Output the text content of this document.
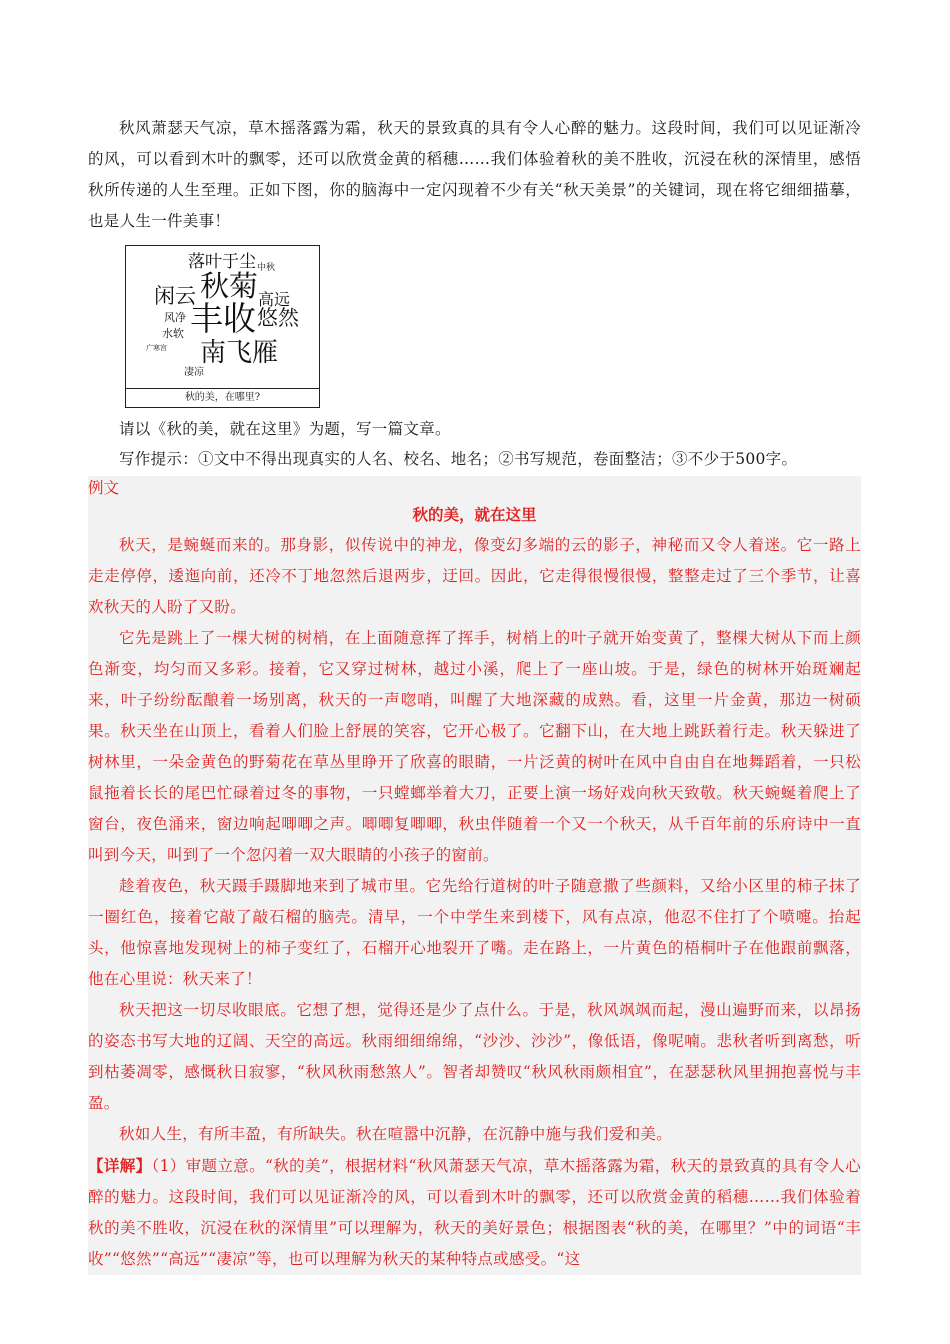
秋风萧瑟天气凉，草木摇落露为霜，秋天的景致真的具有令人心醉的魅力。这段时间，我们可以见证渐冷的风，可以看到木叶的飘零，还可以欣赏金黄的稻穗……我们体验着秋的美不胜收，沉浸在秋的深情里，感悟秋所传递的人生至理。正如下图，你的脑海中一定闪现着不少有关“秋天美景”的关键词，现在将它细细描摹，也是人生一件美事！

落叶于尘 中秋
闲云 秋菊 高远
风净 丰收 悠然
水软
广寒宫 南飞雁
凄凉
秋的美，在哪里?

请以《秋的美，就在这里》为题，写一篇文章。

写作提示：①文中不得出现真实的人名、校名、地名；②书写规范，卷面整洁；③不少于500字。

例文

秋的美，就在这里

秋天，是蜿蜒而来的。那身影，似传说中的神龙，像变幻多端的云的影子，神秘而又令人着迷。它一路上走走停停，逶迤向前，还冷不丁地忽然后退两步，迂回。因此，它走得很慢很慢，整整走过了三个季节，让喜欢秋天的人盼了又盼。

它先是跳上了一棵大树的树梢，在上面随意挥了挥手，树梢上的叶子就开始变黄了，整棵大树从下而上颜色渐变，均匀而又多彩。接着，它又穿过树林，越过小溪，爬上了一座山坡。于是，绿色的树林开始斑斓起来，叶子纷纷酝酿着一场别离，秋天的一声唿哨，叫醒了大地深藏的成熟。看，这里一片金黄，那边一树硕果。秋天坐在山顶上，看着人们脸上舒展的笑容，它开心极了。它翻下山，在大地上跳跃着行走。秋天躲进了树林里，一朵金黄色的野菊花在草丛里睁开了欣喜的眼睛，一片泛黄的树叶在风中自由自在地舞蹈着，一只松鼠拖着长长的尾巴忙碌着过冬的事物，一只螳螂举着大刀，正要上演一场好戏向秋天致敬。秋天蜿蜒着爬上了窗台，夜色涌来，窗边响起唧唧之声。唧唧复唧唧，秋虫伴随着一个又一个秋天，从千百年前的乐府诗中一直叫到今天，叫到了一个忽闪着一双大眼睛的小孩子的窗前。

趁着夜色，秋天蹑手蹑脚地来到了城市里。它先给行道树的叶子随意撒了些颜料，又给小区里的柿子抹了一圈红色，接着它敲了敲石榴的脑壳。清早，一个中学生来到楼下，风有点凉，他忍不住打了个喷嚏。抬起头，他惊喜地发现树上的柿子变红了，石榴开心地裂开了嘴。走在路上，一片黄色的梧桐叶子在他跟前飘落，他在心里说：秋天来了！

秋天把这一切尽收眼底。它想了想，觉得还是少了点什么。于是，秋风飒飒而起，漫山遍野而来，以昂扬的姿态书写大地的辽阔、天空的高远。秋雨细细绵绵，“沙沙、沙沙”，像低语，像呢喃。悲秋者听到离愁，听到枯萎凋零，感慨秋日寂寥，“秋风秋雨愁煞人”。智者却赞叹“秋风秋雨颇相宜”，在瑟瑟秋风里拥抱喜悦与丰盈。

秋如人生，有所丰盈，有所缺失。秋在喧嚣中沉静，在沉静中施与我们爱和美。

【详解】（1）审题立意。“秋的美”，根据材料“秋风萧瑟天气凉，草木摇落露为霜，秋天的景致真的具有令人心醉的魅力。这段时间，我们可以见证渐冷的风，可以看到木叶的飘零，还可以欣赏金黄的稻穗……我们体验着秋的美不胜收，沉浸在秋的深情里”可以理解为，秋天的美好景色；根据图表“秋的美，在哪里？”中的词语“丰收”“悠然”“高远”“凄凉”等，也可以理解为秋天的某种特点或感受。“这
